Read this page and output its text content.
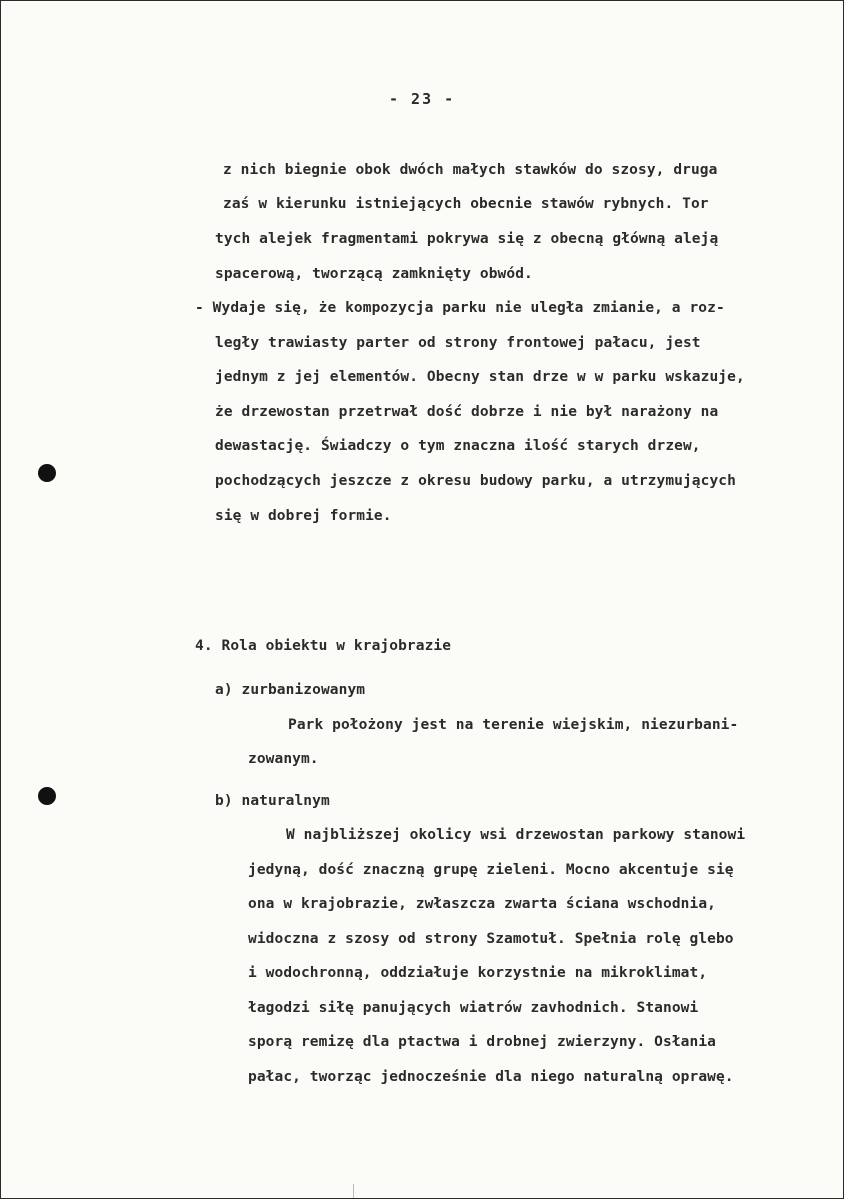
- 23 -
z nich biegnie obok dwóch małych stawków do szosy, druga
zaś w kierunku istniejących obecnie stawów rybnych. Tor
tych alejek fragmentami pokrywa się z obecną główną aleją
spacerową, tworzącą zamknięty obwód.
- Wydaje się, że kompozycja parku nie uległa zmianie, a roz-
legły trawiasty parter od strony frontowej pałacu, jest
jednym z jej elementów. Obecny stan drze w w parku wskazuje,
że drzewostan przetrwał dość dobrze i nie był narażony na
dewastację. Świadczy o tym znaczna ilość starych drzew,
pochodzących jeszcze z okresu budowy parku, a utrzymujących
się w dobrej formie.
4. Rola obiektu w krajobrazie
a) zurbanizowanym
Park położony jest na terenie wiejskim, niezurbani-
zowanym.
b) naturalnym
W najbliższej okolicy wsi drzewostan parkowy stanowi
jedyną, dość znaczną grupę zieleni. Mocno akcentuje się
ona w krajobrazie, zwłaszcza zwarta ściana wschodnia,
widoczna z szosy od strony Szamotuł. Spełnia rolę glebo
i wodochronną, oddziałuje korzystnie na mikroklimat,
łagodzi siłę panujących wiatrów zavhodnich. Stanowi
sporą remizę dla ptactwa i drobnej zwierzyny. Osłania
pałac, tworząc jednocześnie dla niego naturalną oprawę.
